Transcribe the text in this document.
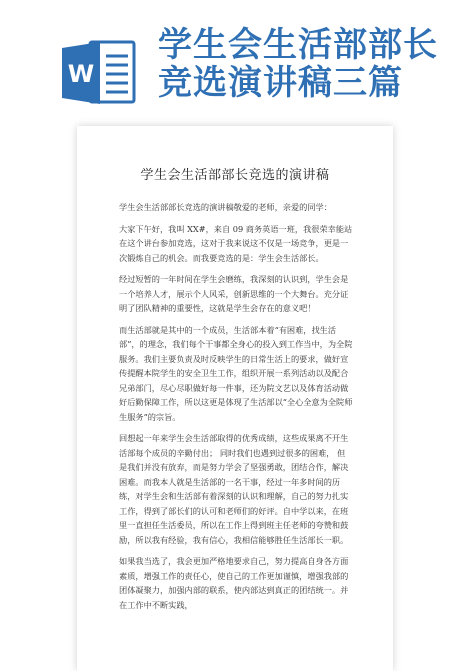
W
学生会生活部部长
竞选演讲稿三篇
学生会生活部部长竞选的演讲稿

学生会生活部部长竞选的演讲稿敬爱的老师，亲爱的同学：

大家下午好，我叫 XX#，来自 09 商务英语一班，我很荣幸能站在这个讲台参加竞选，这对于我来说这不仅是一场竞争，更是一次锻炼自己的机会。而我要竞选的是：学生会生活部长。

经过短暂的一年时间在学生会磨练，我深刻的认识到，学生会是一个培养人才，展示个人风采，创新思维的一个大舞台。充分证明了团队精神的重要性，这就是学生会存在的意义吧！

而生活部就是其中的一个成员，生活部本着“有困难，找生活部”，的理念，我们每个干事都全身心的投入到工作当中，为全院服务。我们主要负责及时反映学生的日常生活上的要求，做好宣传提醒本院学生的安全卫生工作，组织开展一系列活动以及配合兄弟部门，尽心尽职做好每一件事，还为院文艺以及体育活动做好后勤保障工作，所以这更是体现了生活部以“全心全意为全院师生服务”的宗旨。

回想起一年来学生会生活部取得的优秀成绩，这些成果离不开生活部每个成员的辛勤付出； 同时我们也遇到过很多的困难， 但是我们并没有放弃，而是努力学会了坚强勇敢，团结合作，解决困难。而我本人就是生活部的一名干事，经过一年多时间的历练，对学生会和生活部有着深刻的认识和理解，自己的努力扎实工作，得到了部长们的认可和老师们的好评。自中学以来，在班里一直担任生活委员，所以在工作上得到班主任老师的夸赞和鼓励，所以我有经验，我有信心，我相信能够胜任生活部长一职。

如果我当选了，我会更加严格地要求自己，努力提高自身各方面素质，增强工作的责任心，使自己的工作更加谨慎，增强我部的团体凝聚力，加强内部的联系，使内部达到真正的团结统一。并在工作中不断实践，
